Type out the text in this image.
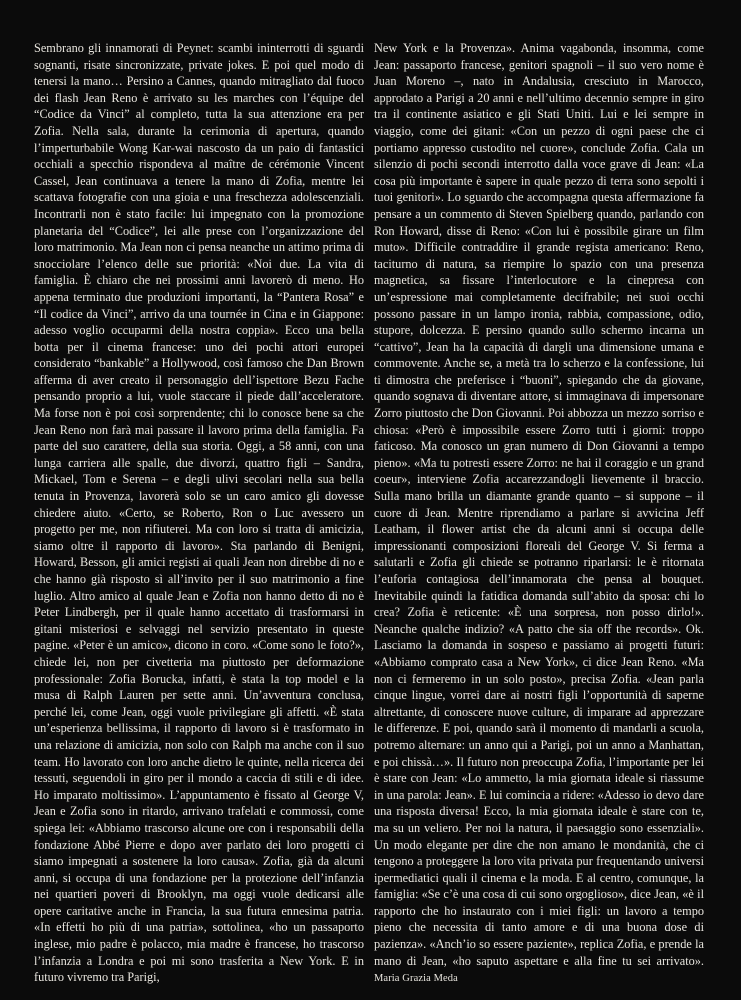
Sembrano gli innamorati di Peynet: scambi ininterrotti di sguardi sognanti, risate sincronizzate, private jokes. E poi quel modo di tenersi la mano… Persino a Cannes, quando mitragliato dal fuoco dei flash Jean Reno è arrivato su les marches con l’équipe del “Codice da Vinci” al completo, tutta la sua attenzione era per Zofia. Nella sala, durante la cerimonia di apertura, quando l’imperturbabile Wong Kar-wai nascosto da un paio di fantastici occhiali a specchio rispondeva al maître de cérémonie Vincent Cassel, Jean continuava a tenere la mano di Zofia, mentre lei scattava fotografie con una gioia e una freschezza adolescenziali. Incontrarli non è stato facile: lui impegnato con la promozione planetaria del “Codice”, lei alle prese con l’organizzazione del loro matrimonio. Ma Jean non ci pensa neanche un attimo prima di snocciolare l’elenco delle sue priorità: «Noi due. La vita di famiglia. È chiaro che nei prossimi anni lavorerò di meno. Ho appena terminato due produzioni importanti, la “Pantera Rosa” e “Il codice da Vinci”, arrivo da una tournée in Cina e in Giappone: adesso voglio occuparmi della nostra coppia». Ecco una bella botta per il cinema francese: uno dei pochi attori europei considerato “bankable” a Hollywood, così famoso che Dan Brown afferma di aver creato il personaggio dell’ispettore Bezu Fache pensando proprio a lui, vuole staccare il piede dall’acceleratore. Ma forse non è poi così sorprendente; chi lo conosce bene sa che Jean Reno non farà mai passare il lavoro prima della famiglia. Fa parte del suo carattere, della sua storia. Oggi, a 58 anni, con una lunga carriera alle spalle, due divorzi, quattro figli – Sandra, Mickael, Tom e Serena – e degli ulivi secolari nella sua bella tenuta in Provenza, lavorerà solo se un caro amico gli dovesse chiedere aiuto. «Certo, se Roberto, Ron o Luc avessero un progetto per me, non rifiuterei. Ma con loro si tratta di amicizia, siamo oltre il rapporto di lavoro». Sta parlando di Benigni, Howard, Besson, gli amici registi ai quali Jean non direbbe di no e che hanno già risposto sì all’invito per il suo matrimonio a fine luglio. Altro amico al quale Jean e Zofia non hanno detto di no è Peter Lindbergh, per il quale hanno accettato di trasformarsi in gitani misteriosi e selvaggi nel servizio presentato in queste pagine. «Peter è un amico», dicono in coro. «Come sono le foto?», chiede lei, non per civetteria ma piuttosto per deformazione professionale: Zofia Borucka, infatti, è stata la top model e la musa di Ralph Lauren per sette anni. Un’avventura conclusa, perché lei, come Jean, oggi vuole privilegiare gli affetti. «È stata un’esperienza bellissima, il rapporto di lavoro si è trasformato in una relazione di amicizia, non solo con Ralph ma anche con il suo team. Ho lavorato con loro anche dietro le quinte, nella ricerca dei tessuti, seguendoli in giro per il mondo a caccia di stili e di idee. Ho imparato moltissimo». L’appuntamento è fissato al George V, Jean e Zofia sono in ritardo, arrivano trafelati e commossi, come spiega lei: «Abbiamo trascorso alcune ore con i responsabili della fondazione Abbé Pierre e dopo aver parlato dei loro progetti ci siamo impegnati a sostenere la loro causa». Zofia, già da alcuni anni, si occupa di una fondazione per la protezione dell’infanzia nei quartieri poveri di Brooklyn, ma oggi vuole dedicarsi alle opere caritative anche in Francia, la sua futura ennesima patria. «In effetti ho più di una patria», sottolinea, «ho un passaporto inglese, mio padre è polacco, mia madre è francese, ho trascorso l’infanzia a Londra e poi mi sono trasferita a New York. E in futuro vivremo tra Parigi,

New York e la Provenza». Anima vagabonda, insomma, come Jean: passaporto francese, genitori spagnoli – il suo vero nome è Juan Moreno –, nato in Andalusia, cresciuto in Marocco, approdato a Parigi a 20 anni e nell’ultimo decennio sempre in giro tra il continente asiatico e gli Stati Uniti. Lui e lei sempre in viaggio, come dei gitani: «Con un pezzo di ogni paese che ci portiamo appresso custodito nel cuore», conclude Zofia. Cala un silenzio di pochi secondi interrotto dalla voce grave di Jean: «La cosa più importante è sapere in quale pezzo di terra sono sepolti i tuoi genitori». Lo sguardo che accompagna questa affermazione fa pensare a un commento di Steven Spielberg quando, parlando con Ron Howard, disse di Reno: «Con lui è possibile girare un film muto». Difficile contraddire il grande regista americano: Reno, taciturno di natura, sa riempire lo spazio con una presenza magnetica, sa fissare l’interlocutore e la cinepresa con un’espressione mai completamente decifrabile; nei suoi occhi possono passare in un lampo ironia, rabbia, compassione, odio, stupore, dolcezza. E persino quando sullo schermo incarna un “cattivo”, Jean ha la capacità di dargli una dimensione umana e commovente. Anche se, a metà tra lo scherzo e la confessione, lui ti dimostra che preferisce i “buoni”, spiegando che da giovane, quando sognava di diventare attore, si immaginava di impersonare Zorro piuttosto che Don Giovanni. Poi abbozza un mezzo sorriso e chiosa: «Però è impossibile essere Zorro tutti i giorni: troppo faticoso. Ma conosco un gran numero di Don Giovanni a tempo pieno». «Ma tu potresti essere Zorro: ne hai il coraggio e un grand coeur», interviene Zofia accarezzandogli lievemente il braccio. Sulla mano brilla un diamante grande quanto – si suppone – il cuore di Jean. Mentre riprendiamo a parlare si avvicina Jeff Leatham, il flower artist che da alcuni anni si occupa delle impressionanti composizioni floreali del George V. Si ferma a salutarli e Zofia gli chiede se potranno riparlarsi: le è ritornata l’euforia contagiosa dell’innamorata che pensa al bouquet. Inevitabile quindi la fatidica domanda sull’abito da sposa: chi lo crea? Zofia è reticente: «È una sorpresa, non posso dirlo!». Neanche qualche indizio? «A patto che sia off the records». Ok. Lasciamo la domanda in sospeso e passiamo ai progetti futuri: «Abbiamo comprato casa a New York», ci dice Jean Reno. «Ma non ci fermeremo in un solo posto», precisa Zofia. «Jean parla cinque lingue, vorrei dare ai nostri figli l’opportunità di saperne altrettante, di conoscere nuove culture, di imparare ad apprezzare le differenze. E poi, quando sarà il momento di mandarli a scuola, potremo alternare: un anno qui a Parigi, poi un anno a Manhattan, e poi chissà…». Il futuro non preoccupa Zofia, l’importante per lei è stare con Jean: «Lo ammetto, la mia giornata ideale si riassume in una parola: Jean». E lui comincia a ridere: «Adesso io devo dare una risposta diversa! Ecco, la mia giornata ideale è stare con te, ma su un veliero. Per noi la natura, il paesaggio sono essenziali». Un modo elegante per dire che non amano le mondanità, che ci tengono a proteggere la loro vita privata pur frequentando universi ipermediatici quali il cinema e la moda. E al centro, comunque, la famiglia: «Se c’è una cosa di cui sono orgoglioso», dice Jean, «è il rapporto che ho instaurato con i miei figli: un lavoro a tempo pieno che necessita di tanto amore e di una buona dose di pazienza». «Anch’io so essere paziente», replica Zofia, e prende la mano di Jean, «ho saputo aspettare e alla fine tu sei arrivato». Maria Grazia Meda
